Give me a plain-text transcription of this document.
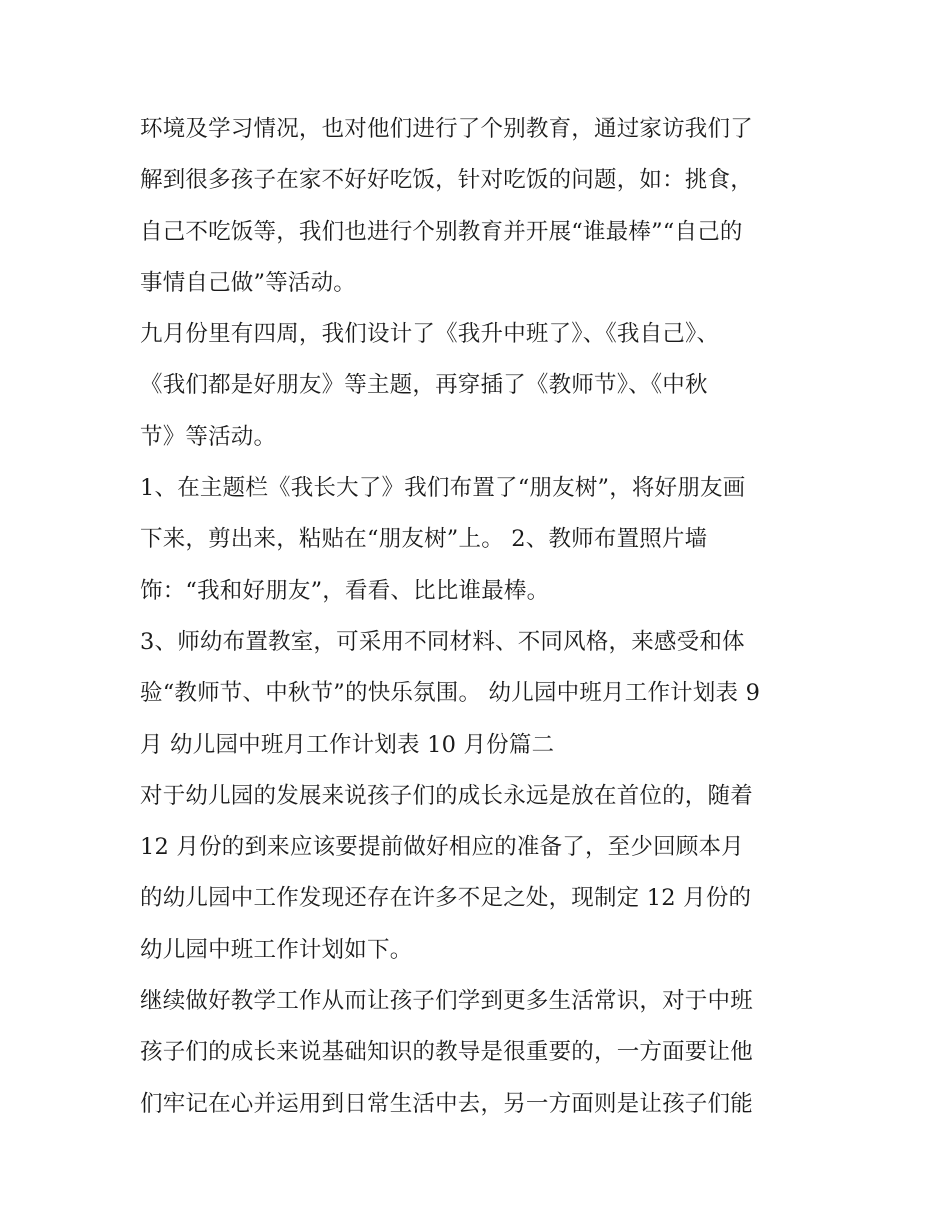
环境及学习情况，也对他们进行了个别教育，通过家访我们了
解到很多孩子在家不好好吃饭，针对吃饭的问题，如：挑食，
自己不吃饭等，我们也进行个别教育并开展“谁最棒”“自己的
事情自己做”等活动。
九月份里有四周，我们设计了《我升中班了》、《我自己》、
《我们都是好朋友》等主题，再穿插了《教师节》、《中秋
节》等活动。
1、在主题栏《我长大了》我们布置了“朋友树”，将好朋友画
下来，剪出来，粘贴在“朋友树”上。 2、教师布置照片墙
饰：“我和好朋友”，看看、比比谁最棒。
3、师幼布置教室，可采用不同材料、不同风格，来感受和体
验“教师节、中秋节”的快乐氛围。 幼儿园中班月工作计划表 9
月 幼儿园中班月工作计划表 10 月份篇二
对于幼儿园的发展来说孩子们的成长永远是放在首位的，随着
12 月份的到来应该要提前做好相应的准备了，至少回顾本月
的幼儿园中工作发现还存在许多不足之处，现制定 12 月份的
幼儿园中班工作计划如下。
继续做好教学工作从而让孩子们学到更多生活常识，对于中班
孩子们的成长来说基础知识的教导是很重要的，一方面要让他
们牢记在心并运用到日常生活中去，另一方面则是让孩子们能
